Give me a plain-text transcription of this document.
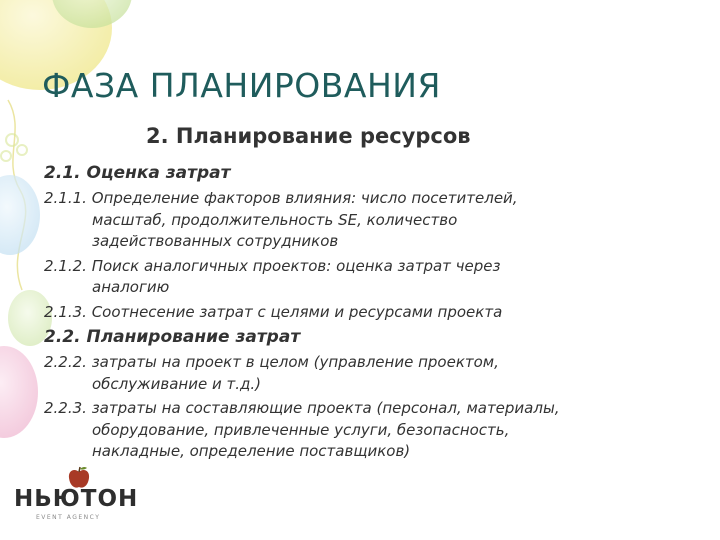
ФАЗА ПЛАНИРОВАНИЯ
2. Планирование ресурсов

2.1. Оценка затрат

2.1.1. Определение факторов влияния: число посетителей,
масштаб, продолжительность SE, количество
задействованных сотрудников

2.1.2. Поиск аналогичных проектов: оценка затрат через
аналогию

2.1.3. Соотнесение затрат с целями и ресурсами проекта

2.2. Планирование затрат

2.2.2. затраты на проект в целом (управление проектом,
обслуживание и т.д.)

2.2.3. затраты на составляющие проекта (персонал, материалы,
оборудование, привлеченные услуги, безопасность,
накладные, определение поставщиков)

НЬЮТОН
EVENT AGENCY
